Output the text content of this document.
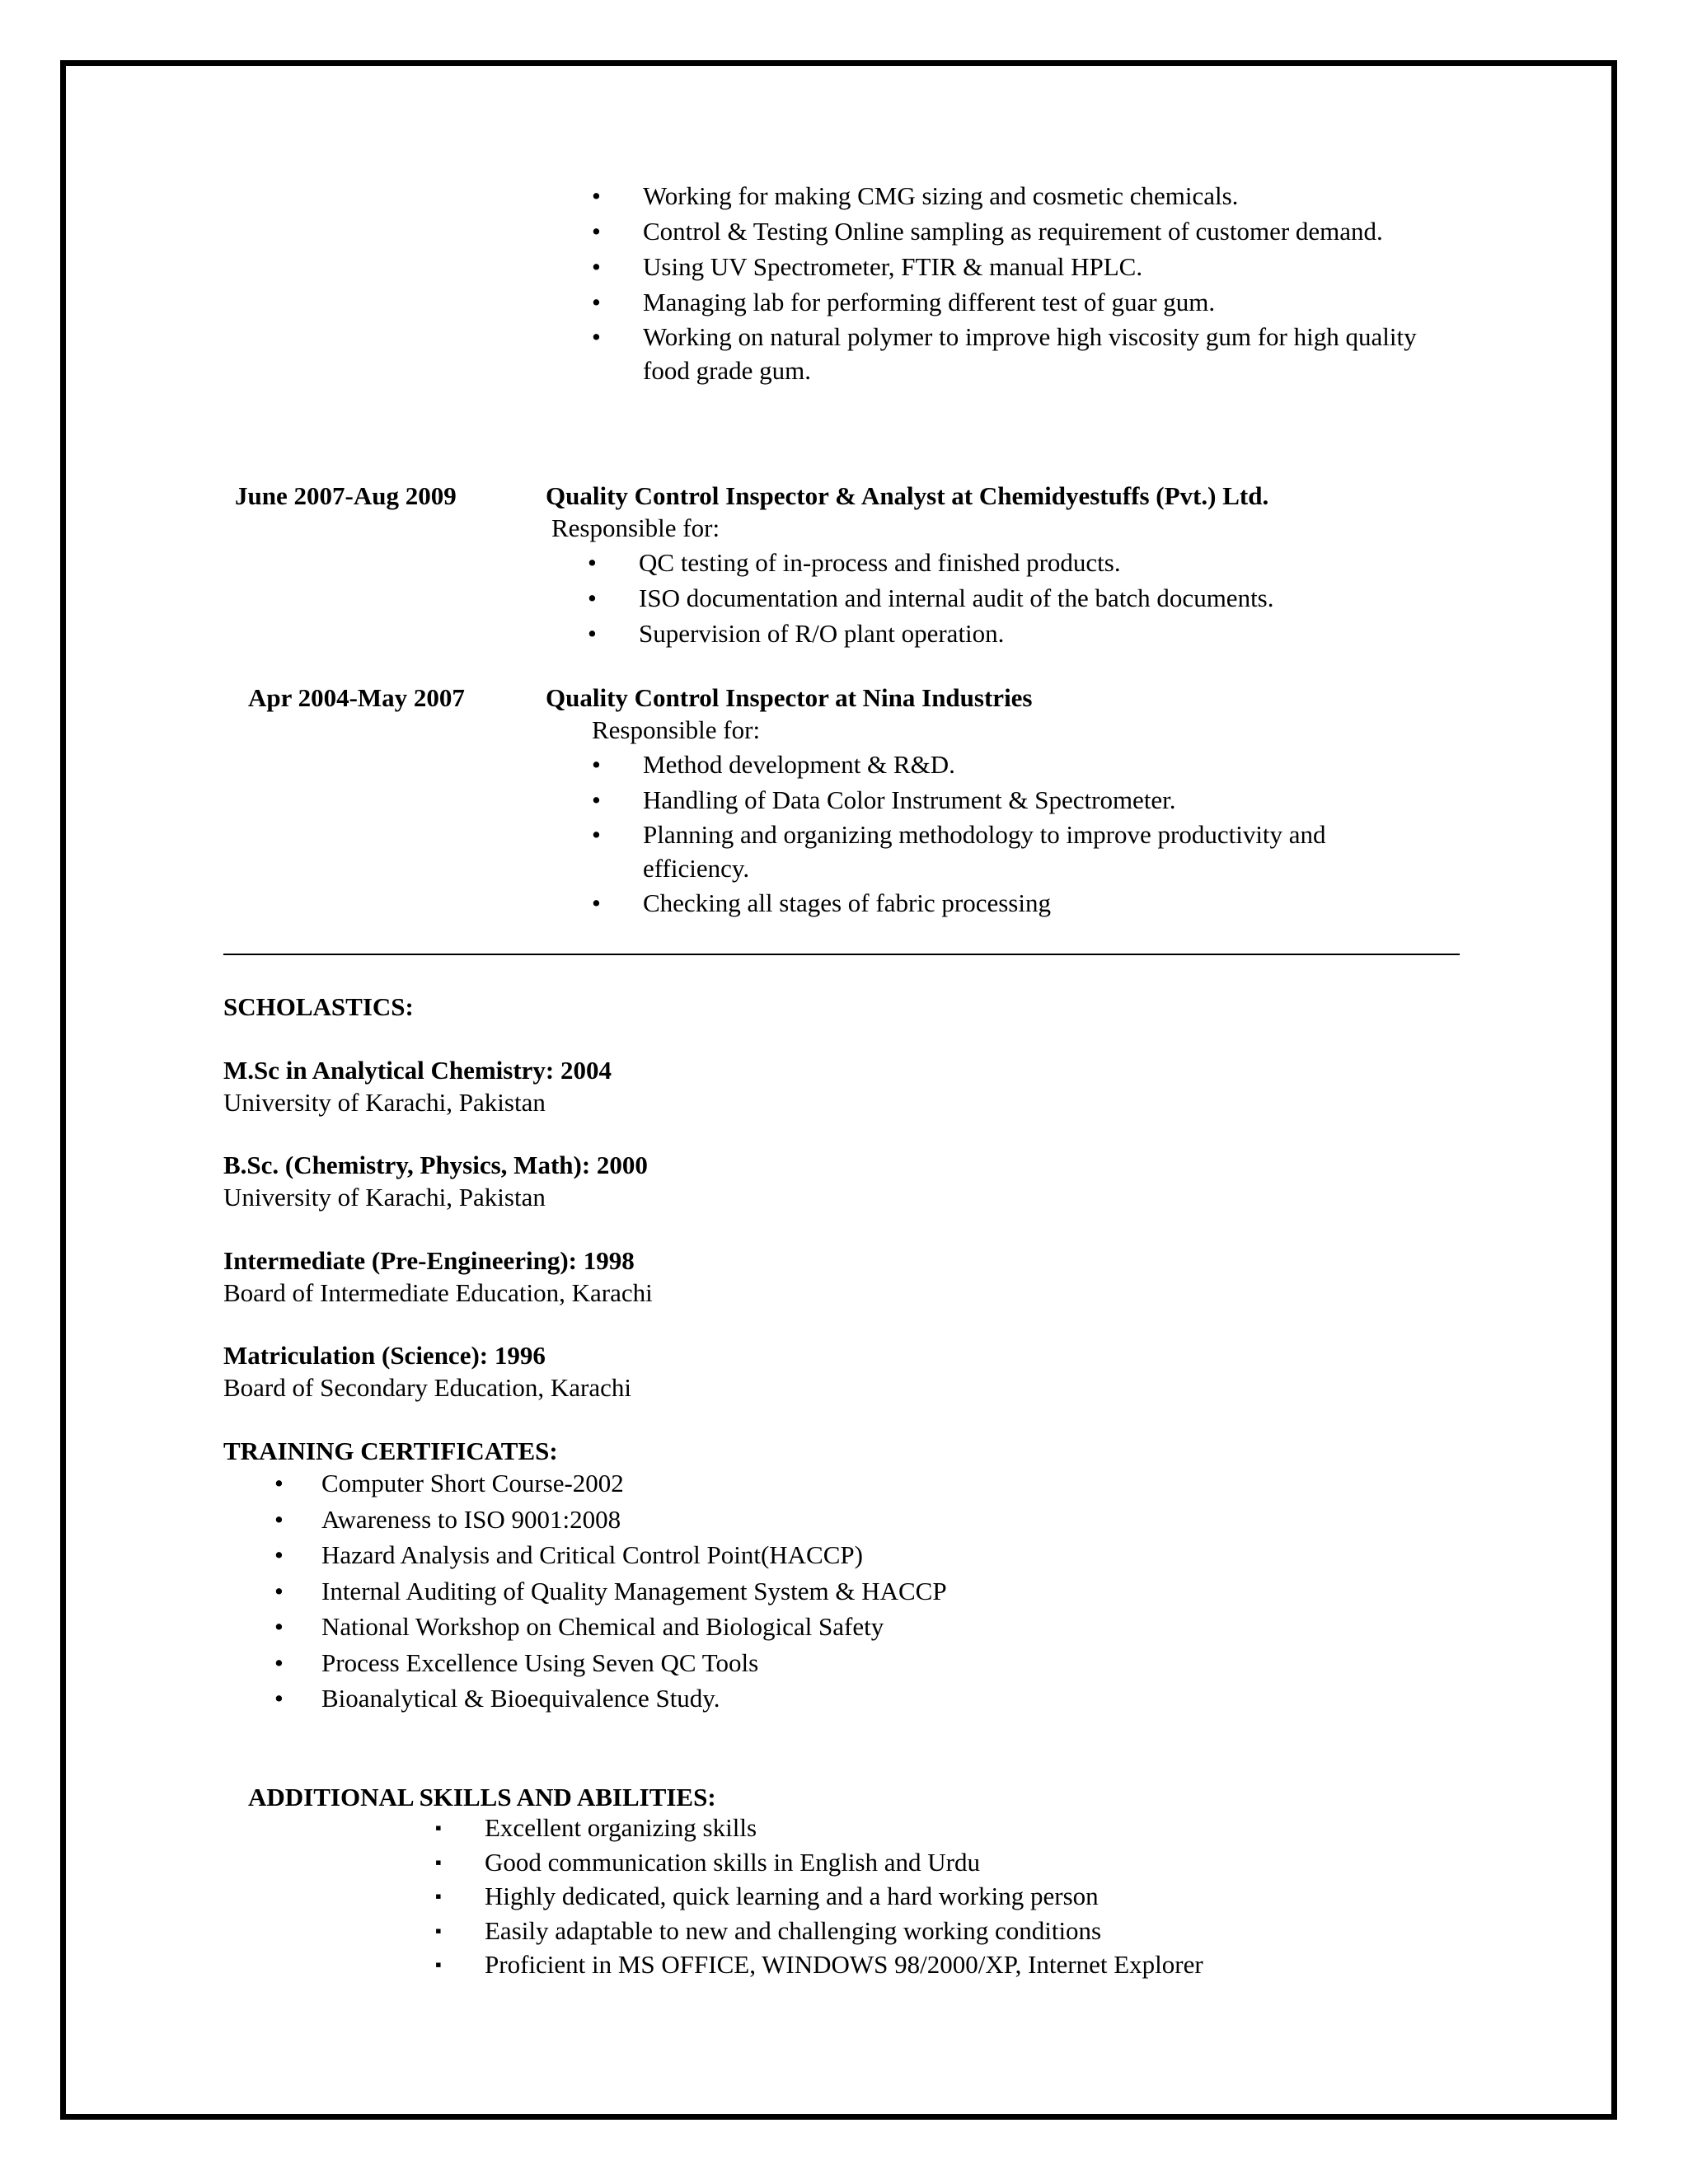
• Working for making CMG sizing and cosmetic chemicals.
• Control & Testing Online sampling as requirement of customer demand.
• Using UV Spectrometer, FTIR & manual HPLC.
• Managing lab for performing different test of guar gum.
• Working on natural polymer to improve high viscosity gum for high quality food grade gum.
June 2007-Aug 2009	Quality Control Inspector & Analyst at Chemidyestuffs (Pvt.) Ltd.
Responsible for:
• QC testing of in-process and finished products.
• ISO documentation and internal audit of the batch documents.
• Supervision of R/O plant operation.
Apr 2004-May 2007	Quality Control Inspector at Nina Industries
Responsible for:
• Method development & R&D.
• Handling of Data Color Instrument & Spectrometer.
• Planning and organizing methodology to improve productivity and efficiency.
• Checking all stages of fabric processing
SCHOLASTICS:
M.Sc in Analytical Chemistry: 2004
University of Karachi, Pakistan
B.Sc. (Chemistry, Physics, Math): 2000
University of Karachi, Pakistan
Intermediate (Pre-Engineering): 1998
Board of Intermediate Education, Karachi
Matriculation (Science): 1996
Board of Secondary Education, Karachi
TRAINING CERTIFICATES:
• Computer Short Course-2002
• Awareness to ISO 9001:2008
• Hazard Analysis and Critical Control Point(HACCP)
• Internal Auditing of Quality Management System & HACCP
• National Workshop on Chemical and Biological Safety
• Process Excellence Using Seven QC Tools
• Bioanalytical & Bioequivalence Study.
ADDITIONAL SKILLS AND ABILITIES:
▪ Excellent organizing skills
▪ Good communication skills in English and Urdu
▪ Highly dedicated, quick learning and a hard working person
▪ Easily adaptable to new and challenging working conditions
▪ Proficient in MS OFFICE, WINDOWS 98/2000/XP, Internet Explorer
